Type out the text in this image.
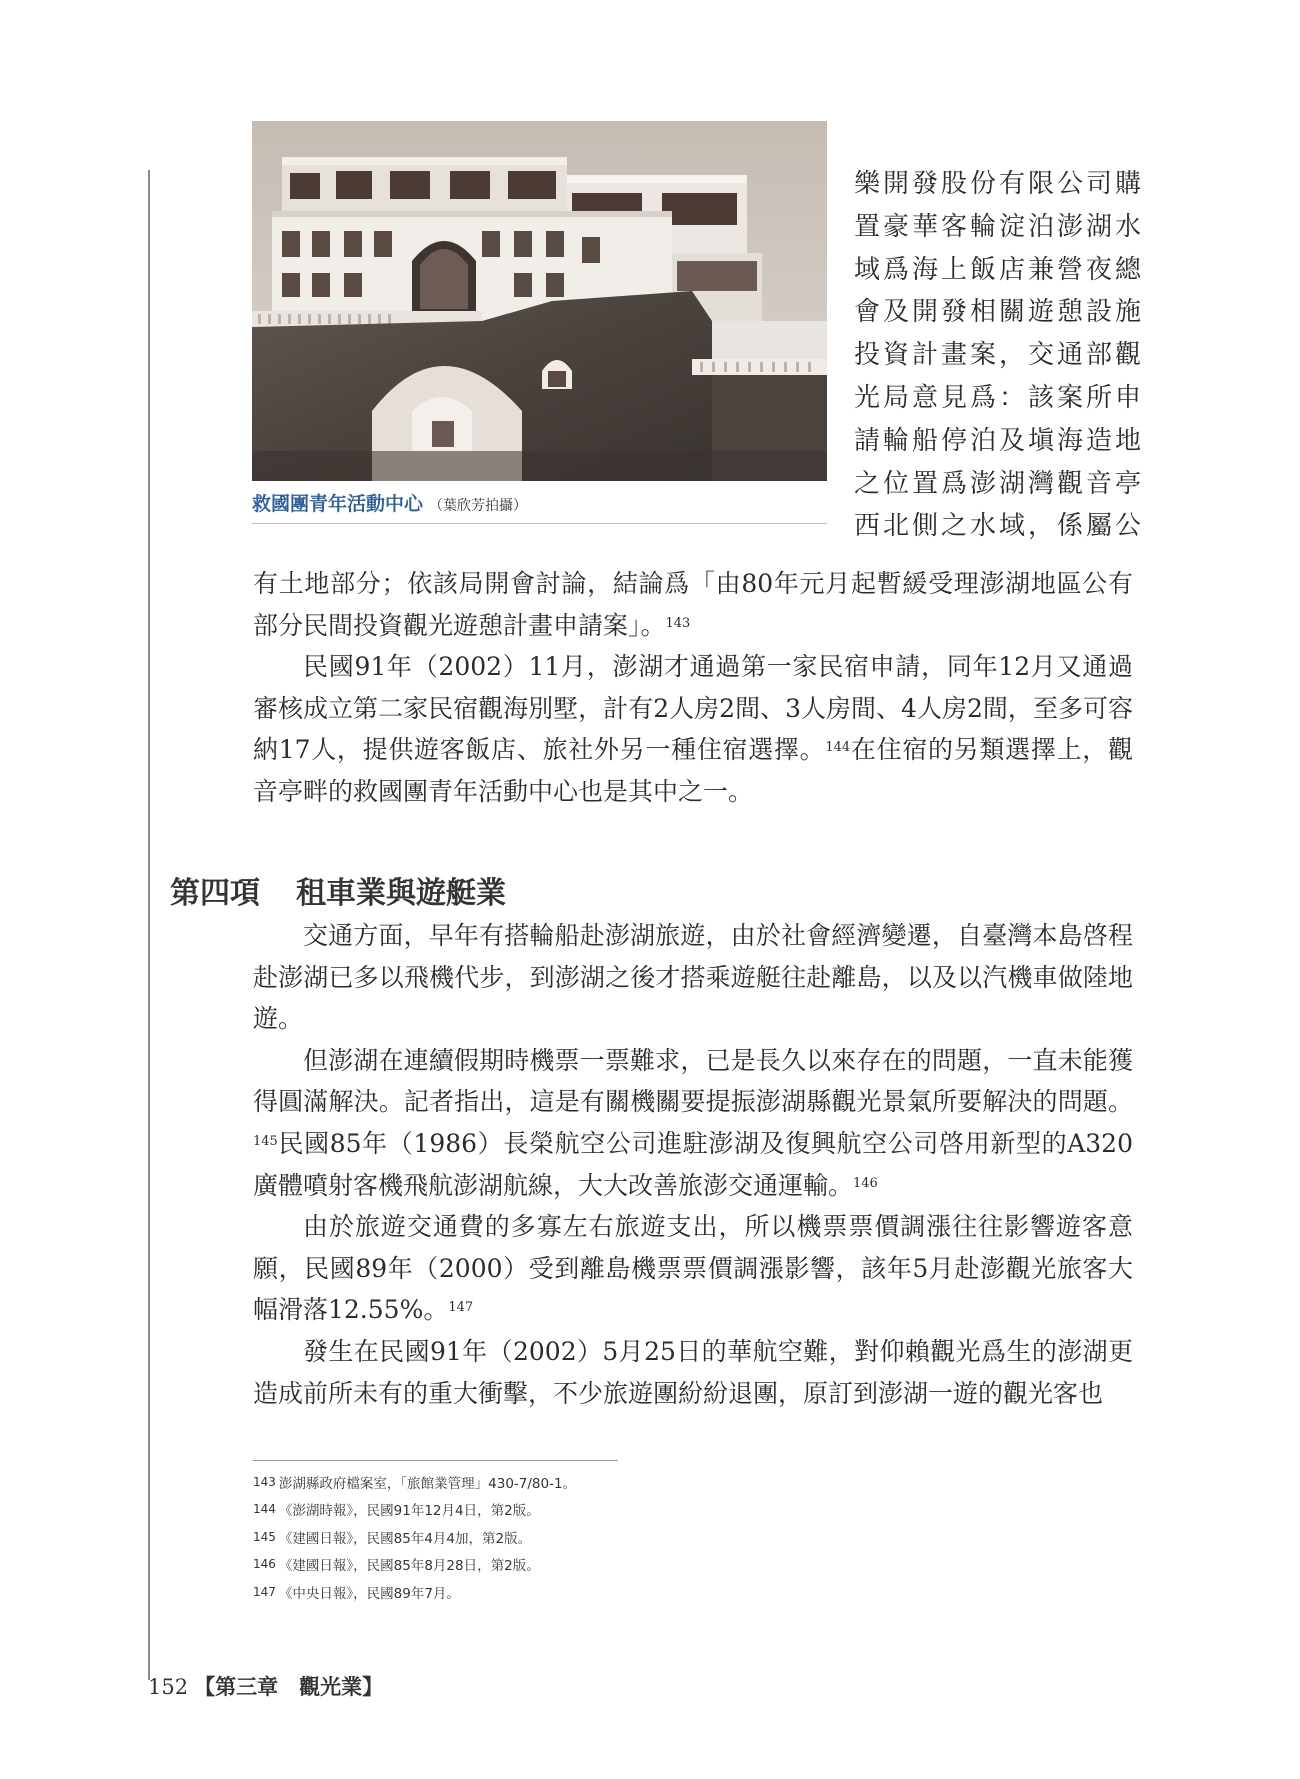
救國團青年活動中心 （葉欣芳拍攝）
樂開發股份有限公司購
置豪華客輪淀泊澎湖水
域爲海上飯店兼營夜總
會及開發相關遊憩設施
投資計畫案，交通部觀
光局意見爲：該案所申
請輪船停泊及塡海造地
之位置爲澎湖灣觀音亭
西北側之水域，係屬公

有土地部分；依該局開會討論，結論爲「由80年元月起暫緩受理澎湖地區公有部分民間投資觀光遊憩計畫申請案」。$^{143}$

民國91年（2002）11月，澎湖才通過第一家民宿申請，同年12月又通過審核成立第二家民宿觀海別墅，計有2人房2間、3人房間、4人房2間，至多可容納17人，提供遊客飯店、旅社外另一種住宿選擇。$^{144}$在住宿的另類選擇上，觀音亭畔的救國團青年活動中心也是其中之一。

第四項 租車業與遊艇業

交通方面，早年有搭輪船赴澎湖旅遊，由於社會經濟變遷，自臺灣本島啓程赴澎湖已多以飛機代步，到澎湖之後才搭乘遊艇往赴離島，以及以汽機車做陸地遊。

但澎湖在連續假期時機票一票難求，已是長久以來存在的問題，一直未能獲得圓滿解決。記者指出，這是有關機關要提振澎湖縣觀光景氣所要解決的問題。$^{145}$民國85年（1986）長榮航空公司進駐澎湖及復興航空公司啓用新型的A320廣體噴射客機飛航澎湖航線，大大改善旅澎交通運輸。$^{146}$

由於旅遊交通費的多寡左右旅遊支出，所以機票票價調漲往往影響遊客意願，民國89年（2000）受到離島機票票價調漲影響，該年5月赴澎觀光旅客大幅滑落12.55%。$^{147}$

發生在民國91年（2002）5月25日的華航空難，對仰賴觀光爲生的澎湖更造成前所未有的重大衝擊，不少旅遊團紛紛退團，原訂到澎湖一遊的觀光客也

143 澎湖縣政府檔案室，「旅館業管理」430-7/80-1。
144 《澎湖時報》，民國91年12月4日，第2版。
145 《建國日報》，民國85年4月4加，第2版。
146 《建國日報》，民國85年8月28日，第2版。
147 《中央日報》，民國89年7月。
152 【第三章　觀光業】
